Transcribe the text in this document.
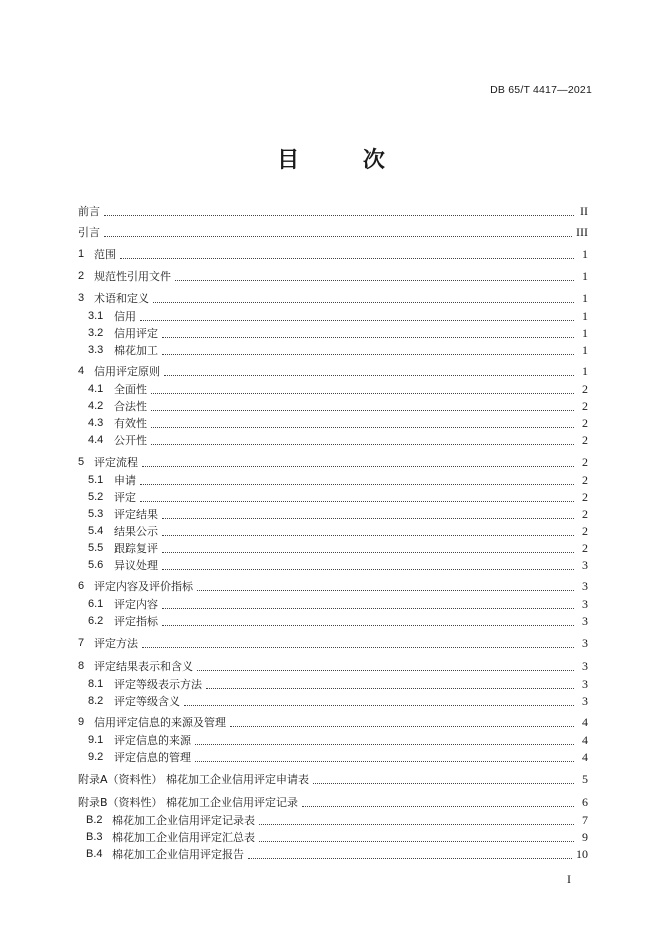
DB 65/T 4417—2021
目 次
前言	II
引言	III
1 范围	1
2 规范性引用文件	1
3 术语和定义	1
3.1 信用	1
3.2 信用评定	1
3.3 棉花加工	1
4 信用评定原则	1
4.1 全面性	2
4.2 合法性	2
4.3 有效性	2
4.4 公开性	2
5 评定流程	2
5.1 申请	2
5.2 评定	2
5.3 评定结果	2
5.4 结果公示	2
5.5 跟踪复评	2
5.6 异议处理	3
6 评定内容及评价指标	3
6.1 评定内容	3
6.2 评定指标	3
7 评定方法	3
8 评定结果表示和含义	3
8.1 评定等级表示方法	3
8.2 评定等级含义	3
9 信用评定信息的来源及管理	4
9.1 评定信息的来源	4
9.2 评定信息的管理	4
附录A（资料性） 棉花加工企业信用评定申请表	5
附录B（资料性） 棉花加工企业信用评定记录	6
B.2 棉花加工企业信用评定记录表	7
B.3 棉花加工企业信用评定汇总表	9
B.4 棉花加工企业信用评定报告	10
I
